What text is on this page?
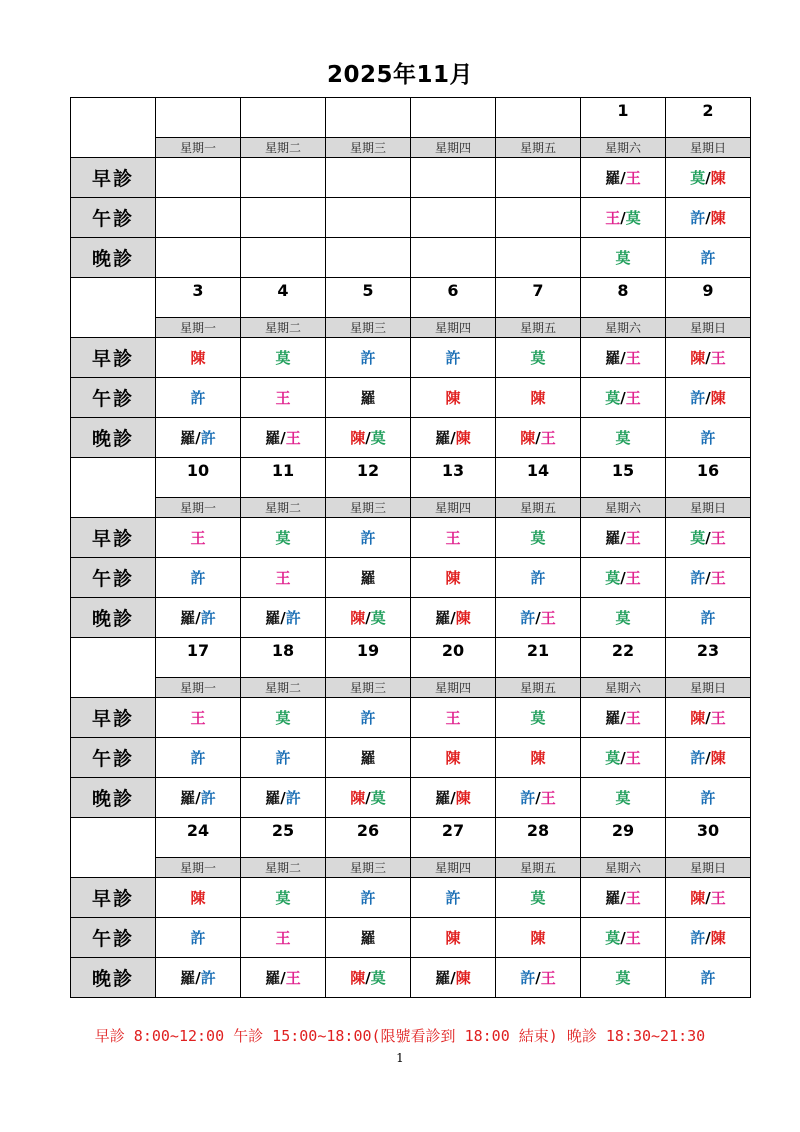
2025年11月
						1	2
	星期一	星期二	星期三	星期四	星期五	星期六	星期日
早診						羅/王	莫/陳
午診						王/莫	許/陳
晚診						莫	許
	3	4	5	6	7	8	9
	星期一	星期二	星期三	星期四	星期五	星期六	星期日
早診	陳	莫	許	許	莫	羅/王	陳/王
午診	許	王	羅	陳	陳	莫/王	許/陳
晚診	羅/許	羅/王	陳/莫	羅/陳	陳/王	莫	許
	10	11	12	13	14	15	16
	星期一	星期二	星期三	星期四	星期五	星期六	星期日
早診	王	莫	許	王	莫	羅/王	莫/王
午診	許	王	羅	陳	許	莫/王	許/王
晚診	羅/許	羅/許	陳/莫	羅/陳	許/王	莫	許
	17	18	19	20	21	22	23
	星期一	星期二	星期三	星期四	星期五	星期六	星期日
早診	王	莫	許	王	莫	羅/王	陳/王
午診	許	許	羅	陳	陳	莫/王	許/陳
晚診	羅/許	羅/許	陳/莫	羅/陳	許/王	莫	許
	24	25	26	27	28	29	30
	星期一	星期二	星期三	星期四	星期五	星期六	星期日
早診	陳	莫	許	許	莫	羅/王	陳/王
午診	許	王	羅	陳	陳	莫/王	許/陳
晚診	羅/許	羅/王	陳/莫	羅/陳	許/王	莫	許
早診 8:00~12:00 午診 15:00~18:00(限號看診到 18:00 結束) 晚診 18:30~21:30
1
